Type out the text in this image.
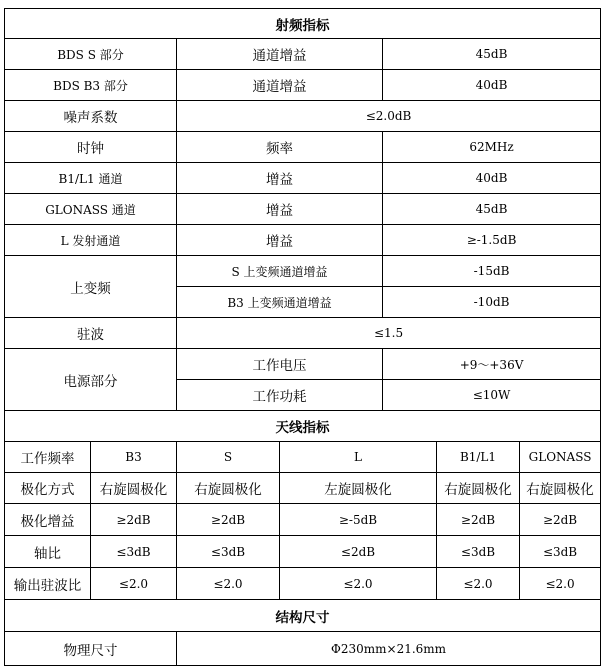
射频指标						
BDS S 部分		通道增益		45dB		
BDS B3 部分		通道增益		40dB		
噪声系数		≤2.0dB				
时钟		频率		62MHz		
B1/L1 通道		增益		40dB		
GLONASS 通道		增益		45dB		
L 发射通道		增益		≥-1.5dB		
上变频		S 上变频通道增益		-15dB		
		B3 上变频通道增益		-10dB		
驻波		≤1.5				
电源部分		工作电压		+9～+36V		
		工作功耗		≤10W		
天线指标						
工作频率	B3	S	L		B1/L1	GLONASS
极化方式	右旋圆极化	右旋圆极化	左旋圆极化		右旋圆极化	右旋圆极化
极化增益	≥2dB	≥2dB	≥-5dB		≥2dB	≥2dB
轴比	≤3dB	≤3dB	≤2dB		≤3dB	≤3dB
输出驻波比	≤2.0	≤2.0	≤2.0		≤2.0	≤2.0
结构尺寸						
物理尺寸		Φ230mm×21.6mm				
